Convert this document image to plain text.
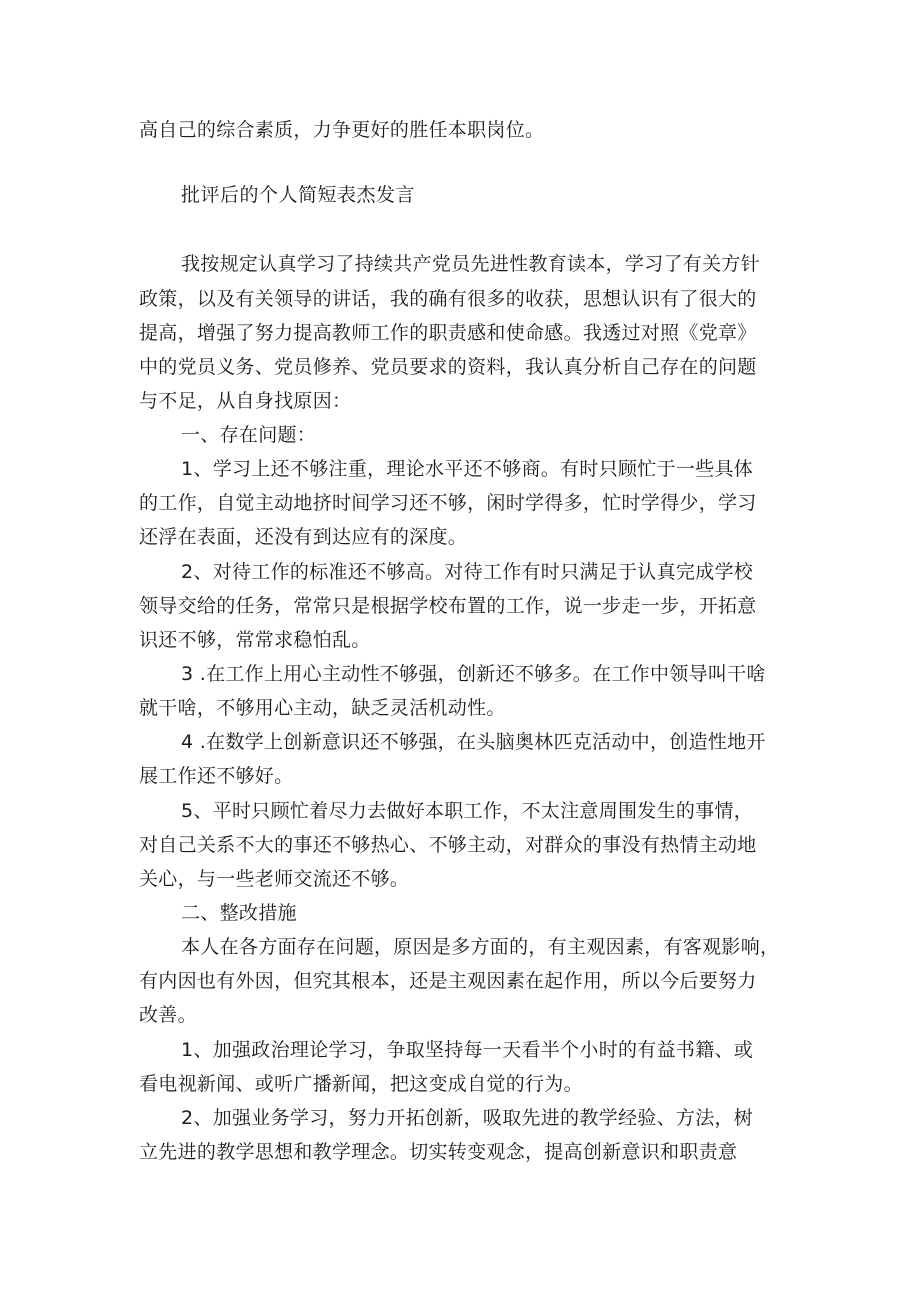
高自己的综合素质，力争更好的胜任本职岗位。
批评后的个人简短表杰发言
我按规定认真学习了持续共产党员先进性教育读本，学习了有关方针
政策，以及有关领导的讲话，我的确有很多的收获，思想认识有了很大的
提高，增强了努力提高教师工作的职责感和使命感。我透过对照《党章》
中的党员义务、党员修养、党员要求的资料，我认真分析自己存在的问题
与不足，从自身找原因：
一、存在问题：
1、学习上还不够注重，理论水平还不够商。有时只顾忙于一些具体
的工作，自觉主动地挤时间学习还不够，闲时学得多，忙时学得少，学习
还浮在表面，还没有到达应有的深度。
2、对待工作的标准还不够高。对待工作有时只满足于认真完成学校
领导交给的任务，常常只是根据学校布置的工作，说一步走一步，开拓意
识还不够，常常求稳怕乱。
3 .在工作上用心主动性不够强，创新还不够多。在工作中领导叫干啥
就干啥，不够用心主动，缺乏灵活机动性。
4 .在数学上创新意识还不够强，在头脑奥林匹克活动中，创造性地开
展工作还不够好。
5、平时只顾忙着尽力去做好本职工作，不太注意周围发生的事情，
对自己关系不大的事还不够热心、不够主动，对群众的事没有热情主动地
关心，与一些老师交流还不够。
二、整改措施
本人在各方面存在问题，原因是多方面的，有主观因素，有客观影响，
有内因也有外因，但究其根本，还是主观因素在起作用，所以今后要努力
改善。
1、加强政治理论学习，争取坚持每一天看半个小时的有益书籍、或
看电视新闻、或听广播新闻，把这变成自觉的行为。
2、加强业务学习，努力开拓创新，吸取先进的教学经验、方法，树
立先进的教学思想和教学理念。切实转变观念，提高创新意识和职责意
